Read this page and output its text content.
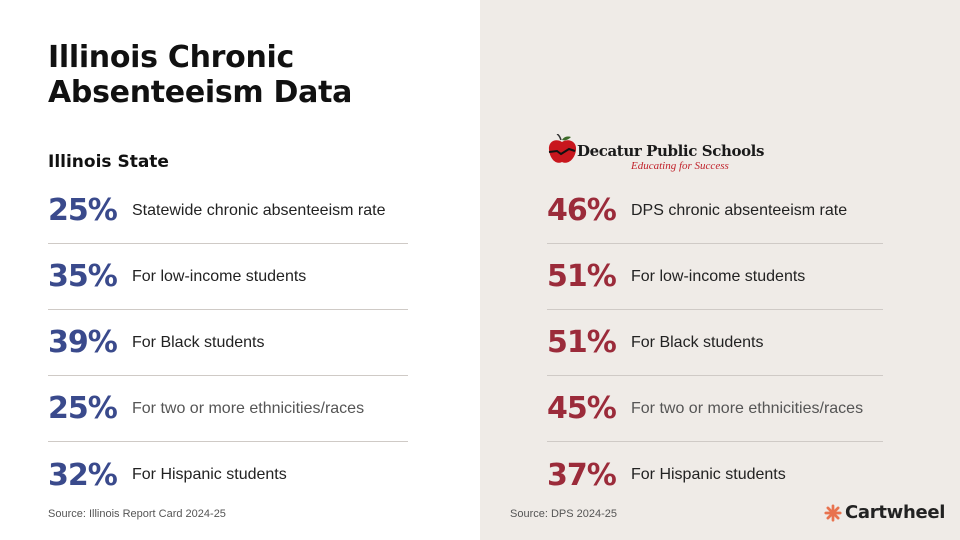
Illinois Chronic Absenteeism Data
Illinois State
25% Statewide chronic absenteeism rate
35% For low-income students
39% For Black students
25% For two or more ethnicities/races
32% For Hispanic students
Source: Illinois Report Card 2024-25
Decatur Public Schools
Educating for Success
46% DPS chronic absenteeism rate
51% For low-income students
51% For Black students
45% For two or more ethnicities/races
37% For Hispanic students
Source: DPS 2024-25	Cartwheel
